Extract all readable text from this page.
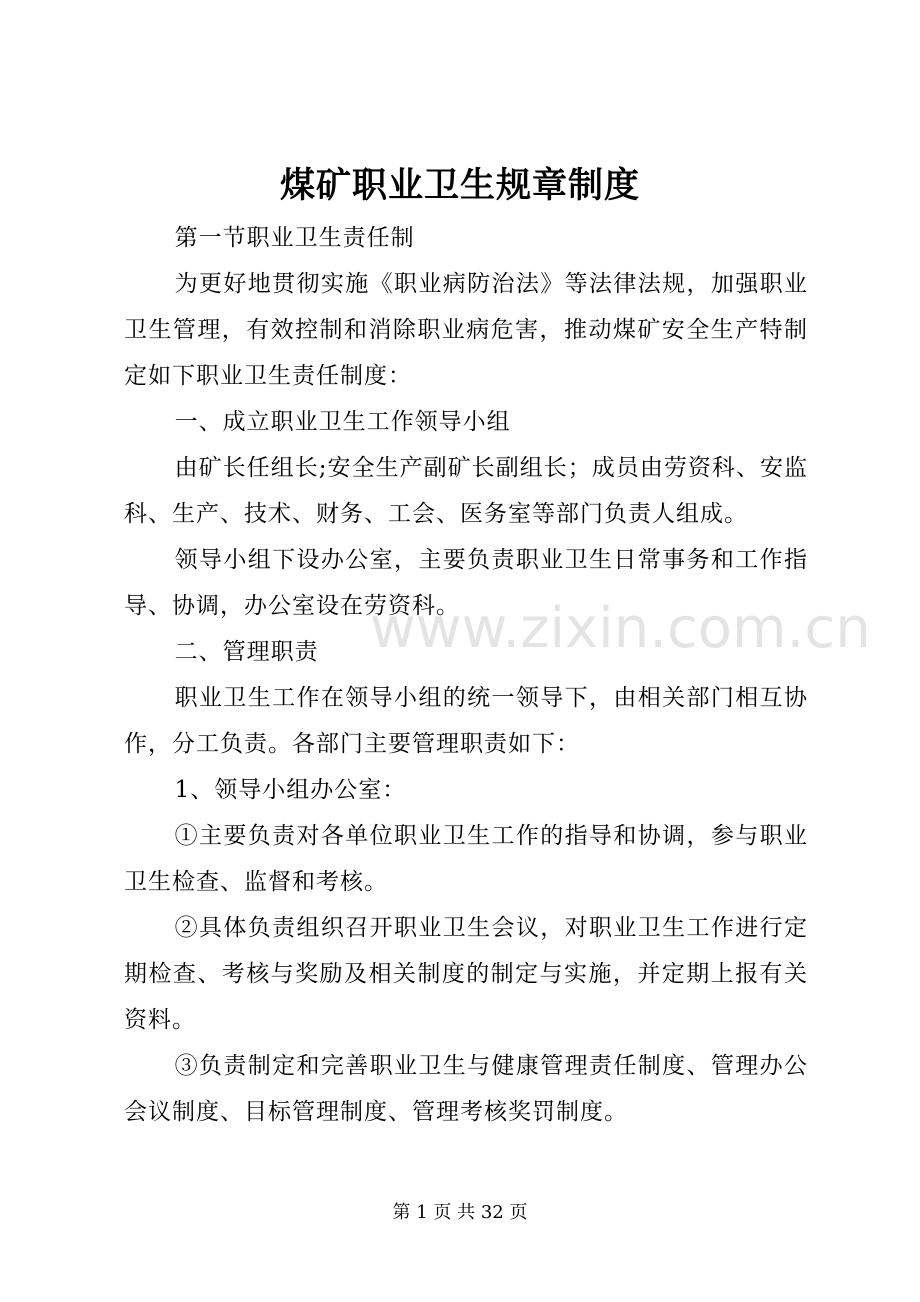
煤矿职业卫生规章制度

第一节职业卫生责任制

为更好地贯彻实施《职业病防治法》等法律法规，加强职业卫生管理，有效控制和消除职业病危害，推动煤矿安全生产特制定如下职业卫生责任制度：

一、成立职业卫生工作领导小组

由矿长任组长;安全生产副矿长副组长；成员由劳资科、安监科、生产、技术、财务、工会、医务室等部门负责人组成。

领导小组下设办公室，主要负责职业卫生日常事务和工作指导、协调，办公室设在劳资科。

二、管理职责

职业卫生工作在领导小组的统一领导下，由相关部门相互协作，分工负责。各部门主要管理职责如下：

1、领导小组办公室：

①主要负责对各单位职业卫生工作的指导和协调，参与职业卫生检查、监督和考核。

②具体负责组织召开职业卫生会议，对职业卫生工作进行定期检查、考核与奖励及相关制度的制定与实施，并定期上报有关资料。

③负责制定和完善职业卫生与健康管理责任制度、管理办公会议制度、目标管理制度、管理考核奖罚制度。

www.zixin.com.cn
第 1 页 共 32 页
